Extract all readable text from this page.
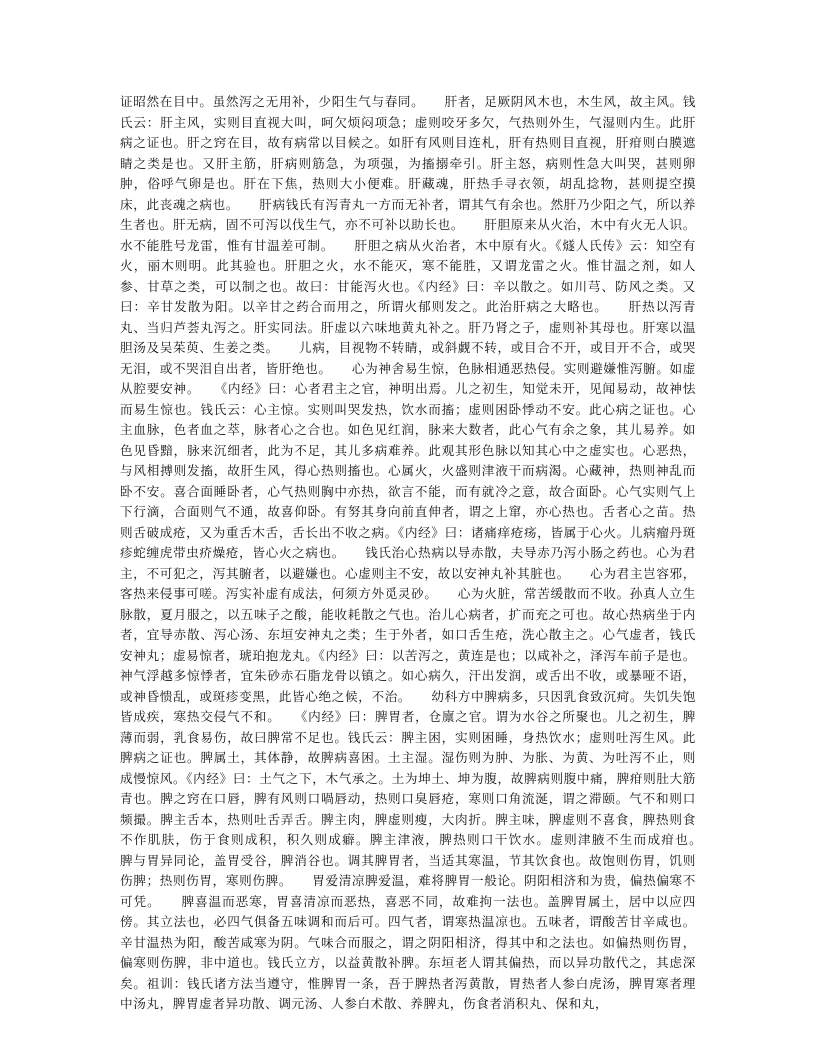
证昭然在目中。虽然泻之无用补，少阳生气与春同。　　肝者，足厥阴风木也，木生风，故主风。钱氏云：肝主风，实则目直视大叫，呵欠烦闷项急；虚则咬牙多欠，气热则外生，气湿则内生。此肝病之证也。肝之窍在目，故有病常以目候之。如肝有风则目连札，肝有热则目直视，肝疳则白膜遮睛之类是也。又肝主筋，肝病则筋急，为项强，为搐搦牵引。肝主怒，病则性急大叫哭，甚则卵肿，俗呼气卵是也。肝在下焦，热则大小便难。肝藏魂，肝热手寻衣领，胡乱捻物，甚则提空摸床，此丧魂之病也。　　肝病钱氏有泻青丸一方而无补者，谓其气有余也。然肝乃少阳之气，所以养生者也。肝无病，固不可泻以伐生气，亦不可补以助长也。　　肝胆原来从火治，木中有火无人识。水不能胜号龙雷，惟有甘温差可制。　　肝胆之病从火治者，木中原有火。《燧人氏传》云：知空有火，丽木则明。此其验也。肝胆之火，水不能灭，寒不能胜，又谓龙雷之火。惟甘温之剂，如人参、甘草之类，可以制之也。故曰：甘能泻火也。《内经》曰：辛以散之。如川芎、防风之类。又曰：辛甘发散为阳。以辛甘之药合而用之，所谓火郁则发之。此治肝病之大略也。　　肝热以泻青丸、当归芦荟丸泻之。肝实同法。肝虚以六味地黄丸补之。肝乃肾之子，虚则补其母也。肝寒以温胆汤及吴茱萸、生姜之类。　　儿病，目视物不转睛，或斜觑不转，或目合不开，或目开不合，或哭无泪，或不哭泪自出者，皆肝绝也。　　心为神舍易生惊，色脉相通恶热侵。实则避嫌惟泻腑。如虚从腔要安神。　　《内经》曰：心者君主之官，神明出焉。儿之初生，知觉未开，见闻易动，故神怯而易生惊也。钱氏云：心主惊。实则叫哭发热，饮水而搐；虚则困卧悸动不安。此心病之证也。心主血脉，色者血之萃，脉者心之合也。如色见红润，脉来大数者，此心气有余之象，其儿易养。如色见昏黯，脉来沉细者，此为不足，其儿多病难养。此观其形色脉以知其心中之虚实也。心恶热，与风相搏则发搐，故肝生风，得心热则搐也。心属火，火盛则津液干而病渴。心藏神，热则神乱而卧不安。喜合面睡卧者，心气热则胸中亦热，欲言不能，而有就冷之意，故合面卧。心气实则气上下行滴，合面则气不通，故喜仰卧。有努其身向前直伸者，谓之上窜，亦心热也。舌者心之苗。热则舌破成疮，又为重舌木舌，舌长出不收之病。《内经》曰：诸痛痒疮疡，皆属于心火。儿病瘤丹斑疹蛇缠虎带虫疥燥疮，皆心火之病也。　　钱氏治心热病以导赤散，夫导赤乃泻小肠之药也。心为君主，不可犯之，泻其腑者，以避嫌也。心虚则主不安，故以安神丸补其脏也。　　心为君主岂容邪，客热来侵事可嗟。泻实补虚有成法，何须方外觅灵砂。　　心为火脏，常苦缓散而不收。孙真人立生脉散，夏月服之，以五味子之酸，能收耗散之气也。治儿心病者，扩而充之可也。故心热病坐于内者，宜导赤散、泻心汤、东垣安神丸之类；生于外者，如口舌生疮，洗心散主之。心气虚者，钱氏安神丸；虚易惊者，琥珀抱龙丸。《内经》曰：以苦泻之，黄连是也；以咸补之，泽泻车前子是也。神气浮越多惊悸者，宜朱砂赤石脂龙骨以镇之。如心病久，汗出发润，或舌出不收，或暴哑不语，或神昏愦乱，或斑疹变黑，此皆心绝之候，不治。　　幼科方中脾病多，只因乳食致沉疴。失饥失饱皆成疾，寒热交侵气不和。　　《内经》曰：脾胃者，仓廪之官。谓为水谷之所聚也。儿之初生，脾薄而弱，乳食易伤，故曰脾常不足也。钱氏云：脾主困，实则困睡，身热饮水；虚则吐泻生风。此脾病之证也。脾属土，其体静，故脾病喜困。土主湿。湿伤则为肿、为胀、为黄、为吐泻不止，则成慢惊风。《内经》曰：土气之下，木气承之。土为坤土、坤为腹，故脾病则腹中痛，脾疳则肚大筋青也。脾之窍在口唇，脾有风则口喎唇动，热则口臭唇疮，寒则口角流涎，谓之滞颐。气不和则口频撮。脾主舌本，热则吐舌弄舌。脾主肉，脾虚则瘦，大肉折。脾主味，脾虚则不喜食，脾热则食不作肌肤，伤于食则成积，积久则成癖。脾主津液，脾热则口干饮水。虚则津腋不生而成疳也。　　脾与胃异同论，盖胃受谷，脾消谷也。调其脾胃者，当适其寒温，节其饮食也。故饱则伤胃，饥则伤脾；热则伤胃，寒则伤脾。　　胃爱清凉脾爱温，难将脾胃一般论。阴阳相济和为贵，偏热偏寒不可凭。　　脾喜温而恶寒，胃喜清凉而恶热，喜恶不同，故难拘一法也。盖脾胃属土，居中以应四傍。其立法也，必四气俱备五味调和而后可。四气者，谓寒热温凉也。五味者，谓酸苦甘辛咸也。辛甘温热为阳，酸苦咸寒为阴。气味合而服之，谓之阴阳相济，得其中和之法也。如偏热则伤胃，偏寒则伤脾，非中道也。钱氏立方，以益黄散补脾。东垣老人谓其偏热，而以异功散代之，其虑深矣。祖训：钱氏诸方法当遵守，惟脾胃一条，吾于脾热者泻黄散，胃热者人参白虎汤，脾胃寒者理中汤丸，脾胃虚者异功散、调元汤、人参白术散、养脾丸，伤食者消积丸、保和丸，
